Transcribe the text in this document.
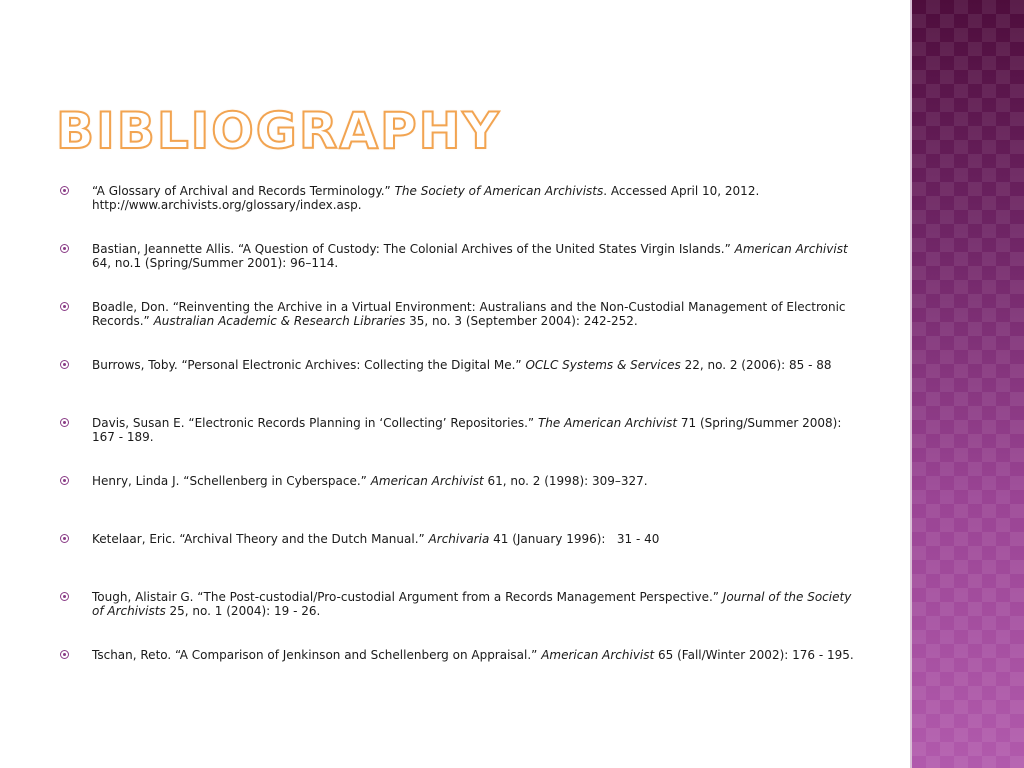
BIBLIOGRAPHY
“A Glossary of Archival and Records Terminology.” The Society of American Archivists. Accessed April 10, 2012. http://www.archivists.org/glossary/index.asp.
Bastian, Jeannette Allis. “A Question of Custody: The Colonial Archives of the United States Virgin Islands.” American Archivist 64, no.1 (Spring/Summer 2001): 96–114.
Boadle, Don. “Reinventing the Archive in a Virtual Environment: Australians and the Non-Custodial Management of Electronic Records.” Australian Academic & Research Libraries 35, no. 3 (September 2004): 242-252.
Burrows, Toby. “Personal Electronic Archives: Collecting the Digital Me.” OCLC Systems & Services 22, no. 2 (2006): 85 - 88
Davis, Susan E. “Electronic Records Planning in ‘Collecting’ Repositories.” The American Archivist 71 (Spring/Summer 2008): 167 - 189.
Henry, Linda J. “Schellenberg in Cyberspace.” American Archivist 61, no. 2 (1998): 309–327.
Ketelaar, Eric. “Archival Theory and the Dutch Manual.” Archivaria 41 (January 1996):   31 - 40
Tough, Alistair G. “The Post-custodial/Pro-custodial Argument from a Records Management Perspective.” Journal of the Society of Archivists 25, no. 1 (2004): 19 - 26.
Tschan, Reto. “A Comparison of Jenkinson and Schellenberg on Appraisal.” American Archivist 65 (Fall/Winter 2002): 176 - 195.
